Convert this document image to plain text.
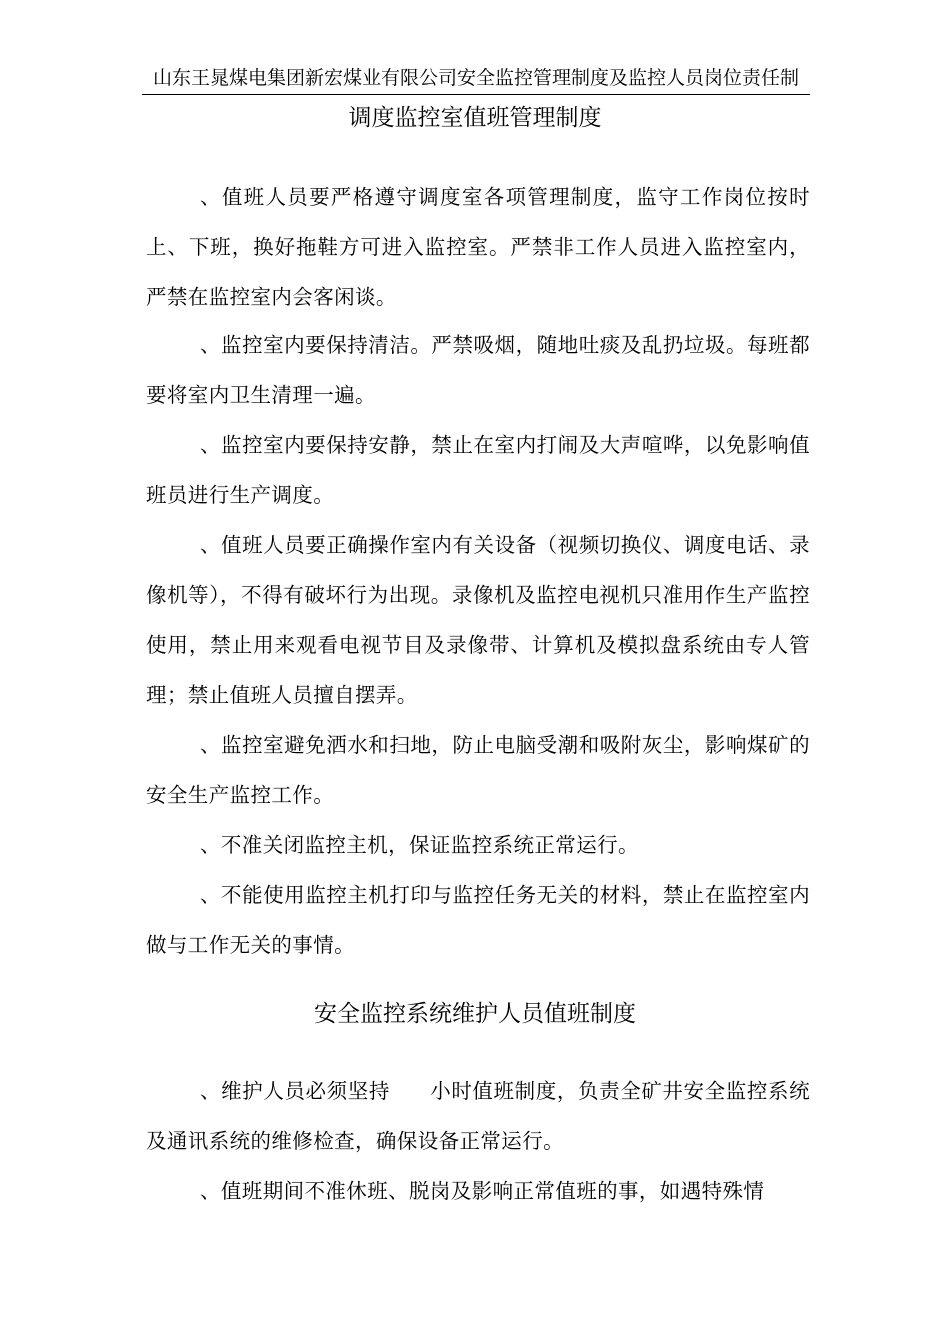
山东王晁煤电集团新宏煤业有限公司安全监控管理制度及监控人员岗位责任制
调度监控室值班管理制度

、值班人员要严格遵守调度室各项管理制度，监守工作岗位按时上、下班，换好拖鞋方可进入监控室。严禁非工作人员进入监控室内，严禁在监控室内会客闲谈。

、监控室内要保持清洁。严禁吸烟，随地吐痰及乱扔垃圾。每班都要将室内卫生清理一遍。

、监控室内要保持安静，禁止在室内打闹及大声喧哗，以免影响值班员进行生产调度。

、值班人员要正确操作室内有关设备（视频切换仪、调度电话、录像机等），不得有破坏行为出现。录像机及监控电视机只准用作生产监控使用，禁止用来观看电视节目及录像带、计算机及模拟盘系统由专人管理；禁止值班人员擅自摆弄。

、监控室避免洒水和扫地，防止电脑受潮和吸附灰尘，影响煤矿的安全生产监控工作。

、不准关闭监控主机，保证监控系统正常运行。

、不能使用监控主机打印与监控任务无关的材料，禁止在监控室内做与工作无关的事情。

安全监控系统维护人员值班制度

、维护人员必须坚持 小时值班制度，负责全矿井安全监控系统及通讯系统的维修检查，确保设备正常运行。

、值班期间不准休班、脱岗及影响正常值班的事，如遇特殊情
